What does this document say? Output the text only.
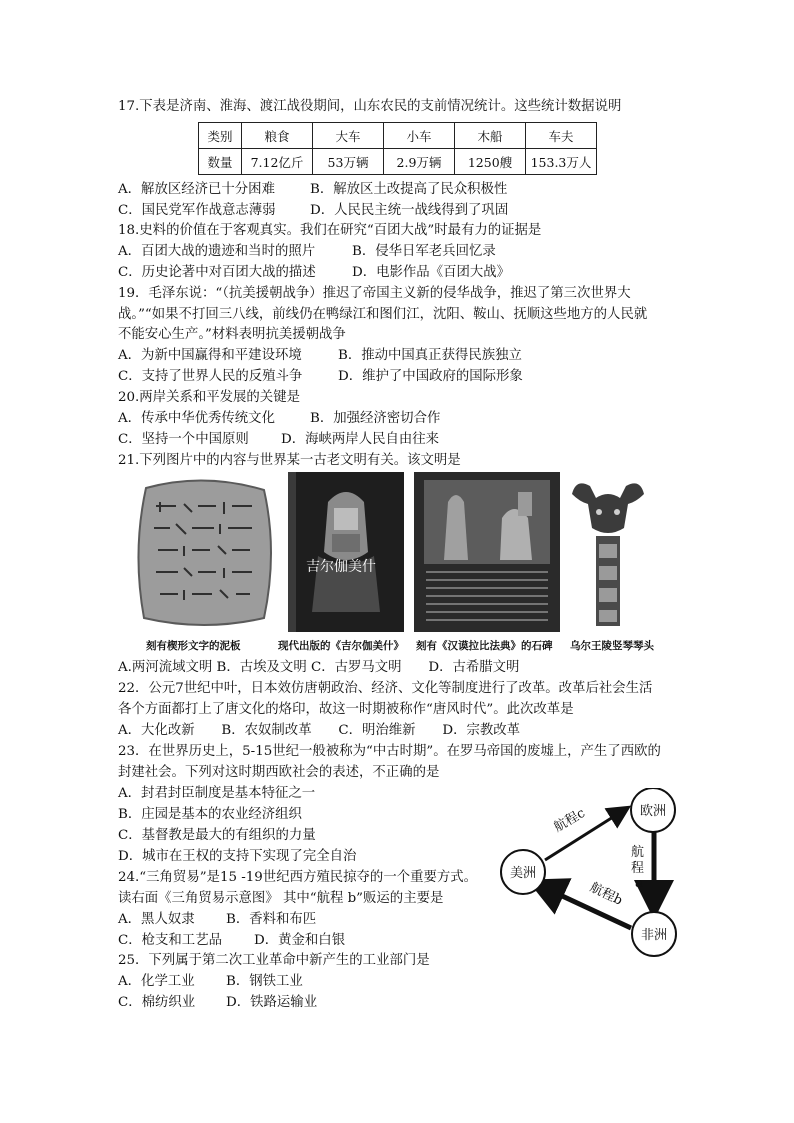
17.下表是济南、淮海、渡江战役期间，山东农民的支前情况统计。这些统计数据说明
类别	粮食	大车	小车	木船	车夫
数量	7.12亿斤	53万辆	2.9万辆	1250艘	153.3万人
A．解放区经济已十分困难	B．解放区土改提高了民众积极性
C．国民党军作战意志薄弱	D．人民民主统一战线得到了巩固
18.史料的价值在于客观真实。我们在研究“百团大战”时最有力的证据是
A．百团大战的遗迹和当时的照片	B．侵华日军老兵回忆录
C．历史论著中对百团大战的描述	D．电影作品《百团大战》
19．毛泽东说：“（抗美援朝战争）推迟了帝国主义新的侵华战争，推迟了第三次世界大
战。”“如果不打回三八线，前线仍在鸭绿江和图们江，沈阳、鞍山、抚顺这些地方的人民就
不能安心生产。”材料表明抗美援朝战争
A．为新中国赢得和平建设环境	B．推动中国真正获得民族独立
C．支持了世界人民的反殖斗争	D．维护了中国政府的国际形象
20.两岸关系和平发展的关键是
A．传承中华优秀传统文化	B．加强经济密切合作
C．坚持一个中国原则 D．海峡两岸人民自由往来
21.下列图片中的内容与世界某一古老文明有关。该文明是
吉尔伽美什
刻有楔形文字的泥板	现代出版的《吉尔伽美什》 刻有《汉谟拉比法典》的石碑 乌尔王陵竖琴琴头
A.两河流域文明 B．古埃及文明 C．古罗马文明　　D．古希腊文明
22．公元7世纪中叶，日本效仿唐朝政治、经济、文化等制度进行了改革。改革后社会生活
各个方面都打上了唐文化的烙印，故这一时期被称作“唐风时代”。此次改革是
A．大化改新　　B．农奴制改革　　C．明治维新　　D．宗教改革
23．在世界历史上，5-15世纪一般被称为“中古时期”。在罗马帝国的废墟上，产生了西欧的
封建社会。下列对这时期西欧社会的表述，不正确的是
A．封君封臣制度是基本特征之一
B．庄园是基本的农业经济组织
C．基督教是最大的有组织的力量
D．城市在王权的支持下实现了完全自治
24.“三角贸易”是15 -19世纪西方殖民掠夺的一个重要方式。
读右面《三角贸易示意图》 其中“航程 b”贩运的主要是
A．黑人奴隶 B．香料和布匹
C．枪支和工艺品 D．黄金和白银
欧洲
美洲
非洲
航程c
航
程
a
航程b
25．下列属于第二次工业革命中新产生的工业部门是
A．化学工业 B．钢铁工业
C．棉纺织业 D．铁路运输业
